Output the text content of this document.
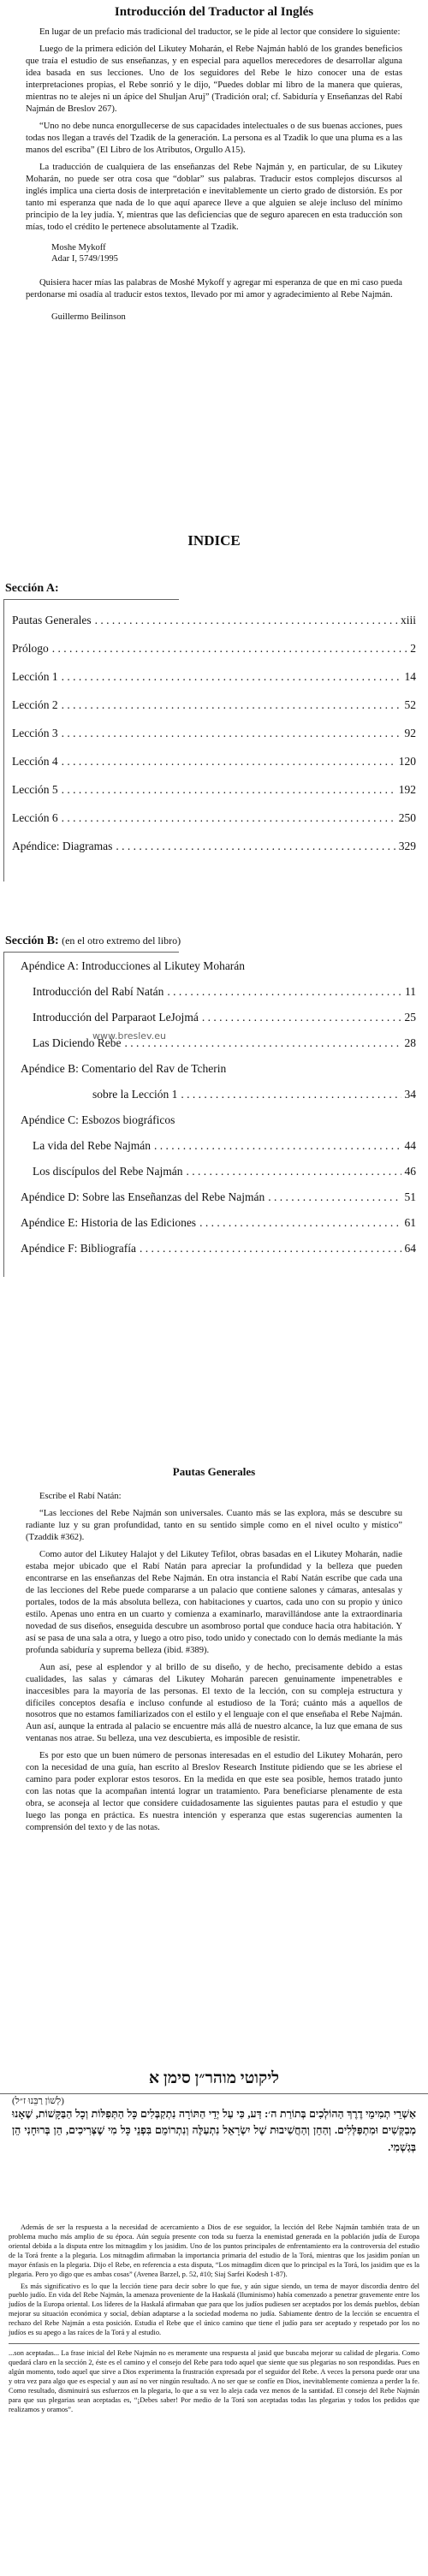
Introducción del Traductor al Inglés

En lugar de un prefacio más tradicional del traductor, se le pide al lector que considere lo siguiente:

Luego de la primera edición del Likutey Moharán, el Rebe Najmán habló de los grandes beneficios que traía el estudio de sus enseñanzas, y en especial para aquellos merecedores de desarrollar alguna idea basada en sus lecciones. Uno de los seguidores del Rebe le hizo conocer una de estas interpretaciones propias, el Rebe sonrió y le dijo, “Puedes doblar mi libro de la manera que quieras, mientras no te alejes ni un ápice del Shuljan Aruj” (Tradición oral; cf. Sabiduría y Enseñanzas del Rabí Najmán de Breslov 267).

“Uno no debe nunca enorgullecerse de sus capacidades intelectuales o de sus buenas acciones, pues todas nos llegan a través del Tzadik de la generación. La persona es al Tzadik lo que una pluma es a las manos del escriba” (El Libro de los Atributos, Orgullo A15).

La traducción de cualquiera de las enseñanzas del Rebe Najmán y, en particular, de su Likutey Moharán, no puede ser otra cosa que “doblar” sus palabras. Traducir estos complejos discursos al inglés implica una cierta dosis de interpretación e inevitablemente un cierto grado de distorsión. Es por tanto mi esperanza que nada de lo que aquí aparece lleve a que alguien se aleje incluso del mínimo principio de la ley judía. Y, mientras que las deficiencias que de seguro aparecen en esta traducción son mías, todo el crédito le pertenece absolutamente al Tzadik.

Moshe Mykoff
Adar I, 5749/1995

Quisiera hacer mías las palabras de Moshé Mykoff y agregar mi esperanza de que en mi caso pueda perdonarse mi osadía al traducir estos textos, llevado por mi amor y agradecimiento al Rebe Najmán.

Guillermo Beilinson
INDICE
Sección A:
Pautas Generales . . .	xiii
Prólogo . . .	2
Lección 1 . . .	14
Lección 2 . . .	52
Lección 3 . . .	92
Lección 4 . . .	120
Lección 5 . . .	192
Lección 6 . . .	250
Apéndice: Diagramas . . .	329
Sección B: (en el otro extremo del libro)
Apéndice A: Introducciones al Likutey Moharán
Introducción del Rabí Natán . . .	11
Introducción del Parparaot LeJojmá . . .	25
Las Diciendo Rebe . . .	28
Apéndice B: Comentario del Rav de Tcherin
sobre la Lección 1 . . .	34
Apéndice C: Esbozos biográficos
La vida del Rebe Najmán . . .	44
Los discípulos del Rebe Najmán . . .	46
Apéndice D: Sobre las Enseñanzas del Rebe Najmán . . .	51
Apéndice E: Historia de las Ediciones . . .	61
Apéndice F: Bibliografía . . .	64
www.breslev.eu
Pautas Generales

Escribe el Rabí Natán:

“Las lecciones del Rebe Najmán son universales. Cuanto más se las explora, más se descubre su radiante luz y su gran profundidad, tanto en su sentido simple como en el nivel oculto y místico” (Tzaddik #362).

Como autor del Likutey Halajot y del Likutey Tefilot, obras basadas en el Likutey Moharán, nadie estaba mejor ubicado que el Rabí Natán para apreciar la profundidad y la belleza que pueden encontrarse en las enseñanzas del Rebe Najmán. En otra instancia el Rabí Natán escribe que cada una de las lecciones del Rebe puede compararse a un palacio que contiene salones y cámaras, antesalas y portales, todos de la más absoluta belleza, con habitaciones y cuartos, cada uno con su propio y único estilo. Apenas uno entra en un cuarto y comienza a examinarlo, maravillándose ante la extraordinaria novedad de sus diseños, enseguida descubre un asombroso portal que conduce hacia otra habitación. Y así se pasa de una sala a otra, y luego a otro piso, todo unido y conectado con lo demás mediante la más profunda sabiduría y suprema belleza (ibid. #389).

Aun así, pese al esplendor y al brillo de su diseño, y de hecho, precisamente debido a estas cualidades, las salas y cámaras del Likutey Moharán parecen genuinamente impenetrables e inaccesibles para la mayoría de las personas. El texto de la lección, con su compleja estructura y difíciles conceptos desafía e incluso confunde al estudioso de la Torá; cuánto más a aquellos de nosotros que no estamos familiarizados con el estilo y el lenguaje con el que enseñaba el Rebe Najmán. Aun así, aunque la entrada al palacio se encuentre más allá de nuestro alcance, la luz que emana de sus ventanas nos atrae. Su belleza, una vez descubierta, es imposible de resistir.

Es por esto que un buen número de personas interesadas en el estudio del Likutey Moharán, pero con la necesidad de una guía, han escrito al Breslov Research Institute pidiendo que se les abriese el camino para poder explorar estos tesoros. En la medida en que este sea posible, hemos tratado junto con las notas que la acompañan intentá lograr un tratamiento. Para beneficiarse plenamente de esta obra, se aconseja al lector que considere cuidadosamente las siguientes pautas para el estudio y que luego las ponga en práctica. Es nuestra intención y esperanza que estas sugerencias aumenten la comprensión del texto y de las notas.

ליקוטי מוהר״ן סימן א
(לְשׁוֹן רַבֵּנוּ ז״ל)
אַשְׁרֵי תְמִימֵי דֶרֶךְ הַהוֹלְכִים בְּתוֹרַת ה׳: דַּע, כִּי עַל יְדֵי הַתּוֹרָה נִתְקַבְּלִים כָּל הַתְּפִלּוֹת וְכָל הַבַּקָּשׁוֹת, שֶׁאָנוּ מְבַקְּשִׁים וּמִתְפַּלְּלִים. וְהַחֵן וְהַחֲשִׁיבוּת שֶׁל יִשְׂרָאֵל נִתְעַלֶּה וְנִתְרוֹמֵם בִּפְנֵי כָּל מִי שֶׁצְּרִיכִים, הֵן בְּרוּחָנִי הֵן בְּגַשְׁמִי.

Además de ser la respuesta a la necesidad de acercamiento a Dios de ese seguidor, la lección del Rebe Najmán también trata de un problema mucho más amplio de su época. Aún seguía presente con toda su fuerza la enemistad generada en la población judía de Europa oriental debida a la disputa entre los mitnagdim y los jasidim. Uno de los puntos principales de enfrentamiento era la controversia del estudio de la Torá frente a la plegaria. Los mitnagdim afirmaban la importancia primaria del estudio de la Torá, mientras que los jasidim ponían un mayor énfasis en la plegaria. Dijo el Rebe, en referencia a esta disputa, “Los mitnagdim dicen que lo principal es la Torá, los jasidim que es la plegaria. Pero yo digo que es ambas cosas” (Avenea Barzel, p. 52, #10; Siaj Sarfei Kodesh 1-87).

Es más significativo es lo que la lección tiene para decir sobre lo que fue, y aún sigue siendo, un tema de mayor discordia dentro del pueblo judío. En vida del Rebe Najmán, la amenaza proveniente de la Haskalá (Iluminismo) había comenzado a penetrar gravemente entre los judíos de la Europa oriental. Los líderes de la Haskalá afirmaban que para que los judíos pudiesen ser aceptados por los demás pueblos, debían mejorar su situación económica y social, debían adaptarse a la sociedad moderna no judía. Sabiamente dentro de la lección se encuentra el rechazo del Rebe Najmán a esta posición. Estudia el Rebe que el único camino que tiene el judío para ser aceptado y respetado por los no judíos es su apego a las raíces de la Torá y al estudio.

...son aceptadas... La frase inicial del Rebe Najmán no es meramente una respuesta al jasid que buscaba mejorar su calidad de plegaria. Como quedará claro en la sección 2, éste es el camino y el consejo del Rebe para todo aquel que siente que sus plegarias no son respondidas. Pues en algún momento, todo aquel que sirve a Dios experimenta la frustración expresada por el seguidor del Rebe. A veces la persona puede orar una y otra vez para algo que es especial y aun así no ver ningún resultado. A no ser que se confíe en Dios, inevitablemente comienza a perder la fe. Como resultado, disminuirá sus esfuerzos en la plegaria, lo que a su vez lo aleja cada vez menos de la santidad. El consejo del Rebe Najmán para que sus plegarias sean aceptadas es, “¡Debes saber! Por medio de la Torá son aceptadas todas las plegarias y todos los pedidos que realizamos y oramos”.
